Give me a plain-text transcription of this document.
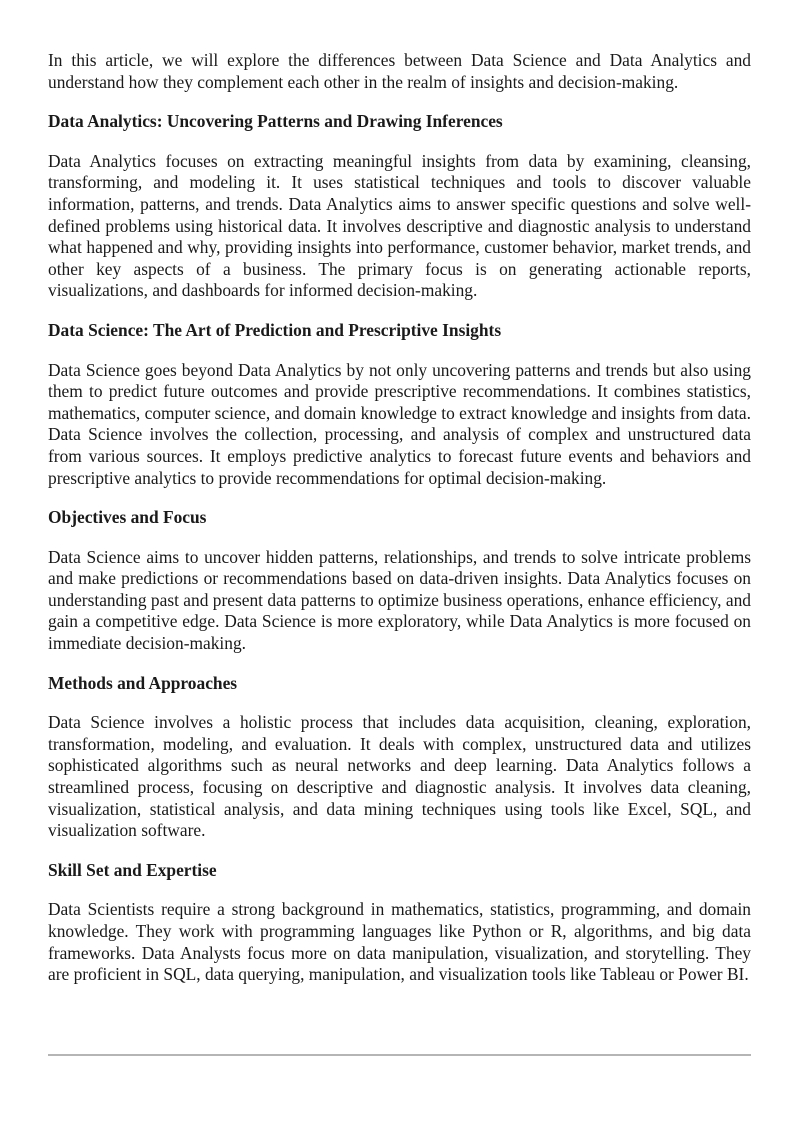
In this article, we will explore the differences between Data Science and Data Analytics and understand how they complement each other in the realm of insights and decision-making.

Data Analytics: Uncovering Patterns and Drawing Inferences

Data Analytics focuses on extracting meaningful insights from data by examining, cleansing, transforming, and modeling it. It uses statistical techniques and tools to discover valuable information, patterns, and trends. Data Analytics aims to answer specific questions and solve well-defined problems using historical data. It involves descriptive and diagnostic analysis to understand what happened and why, providing insights into performance, customer behavior, market trends, and other key aspects of a business. The primary focus is on generating actionable reports, visualizations, and dashboards for informed decision-making.

Data Science: The Art of Prediction and Prescriptive Insights

Data Science goes beyond Data Analytics by not only uncovering patterns and trends but also using them to predict future outcomes and provide prescriptive recommendations. It combines statistics, mathematics, computer science, and domain knowledge to extract knowledge and insights from data. Data Science involves the collection, processing, and analysis of complex and unstructured data from various sources. It employs predictive analytics to forecast future events and behaviors and prescriptive analytics to provide recommendations for optimal decision-making.

Objectives and Focus

Data Science aims to uncover hidden patterns, relationships, and trends to solve intricate problems and make predictions or recommendations based on data-driven insights. Data Analytics focuses on understanding past and present data patterns to optimize business operations, enhance efficiency, and gain a competitive edge. Data Science is more exploratory, while Data Analytics is more focused on immediate decision-making.

Methods and Approaches

Data Science involves a holistic process that includes data acquisition, cleaning, exploration, transformation, modeling, and evaluation. It deals with complex, unstructured data and utilizes sophisticated algorithms such as neural networks and deep learning. Data Analytics follows a streamlined process, focusing on descriptive and diagnostic analysis. It involves data cleaning, visualization, statistical analysis, and data mining techniques using tools like Excel, SQL, and visualization software.

Skill Set and Expertise

Data Scientists require a strong background in mathematics, statistics, programming, and domain knowledge. They work with programming languages like Python or R, algorithms, and big data frameworks. Data Analysts focus more on data manipulation, visualization, and storytelling. They are proficient in SQL, data querying, manipulation, and visualization tools like Tableau or Power BI.
